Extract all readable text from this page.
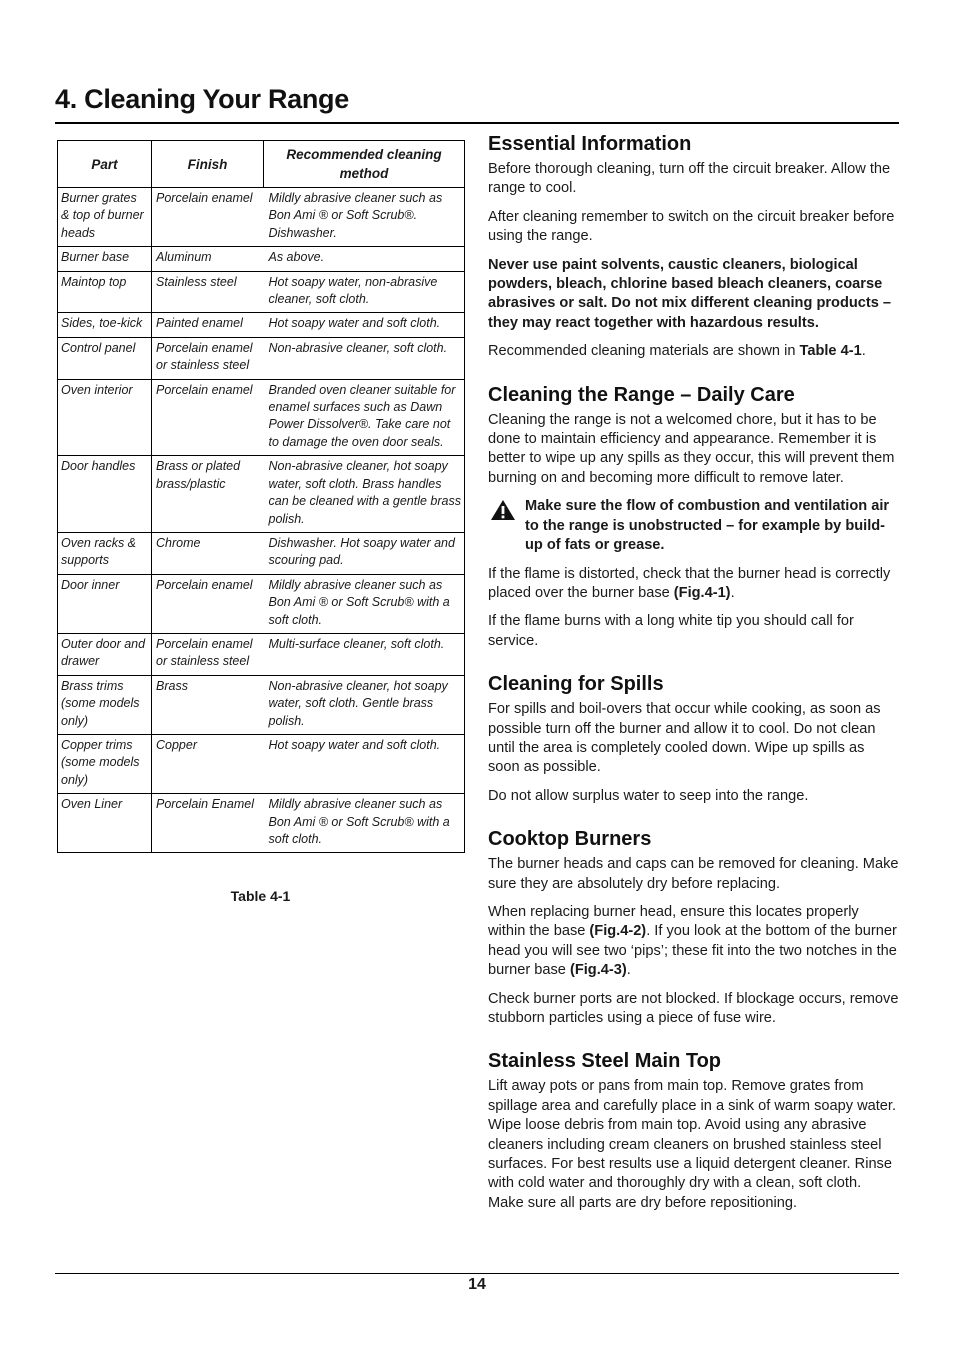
4. Cleaning Your Range
Part	Finish	Recommended cleaning method
Burner grates & top of burner heads	Porcelain enamel	Mildly abrasive cleaner such as Bon Ami ® or Soft Scrub®. Dishwasher.
Burner base	Aluminum	As above.
Maintop top	Stainless steel	Hot soapy water, non-abrasive cleaner, soft cloth.
Sides, toe-kick	Painted enamel	Hot soapy water and soft cloth.
Control panel	Porcelain enamel or stainless steel	Non-abrasive cleaner, soft cloth.
Oven interior	Porcelain enamel	Branded oven cleaner suitable for enamel surfaces such as Dawn Power Dissolver®. Take care not to damage the oven door seals.
Door handles	Brass or plated brass/plastic	Non-abrasive cleaner, hot soapy water, soft cloth. Brass handles can be cleaned with a gentle brass polish.
Oven racks & supports	Chrome	Dishwasher. Hot soapy water and scouring pad.
Door inner	Porcelain enamel	Mildly abrasive cleaner such as Bon Ami ® or Soft Scrub® with a soft cloth.
Outer door and drawer	Porcelain enamel or stainless steel	Multi-surface cleaner, soft cloth.
Brass trims (some models only)	Brass	Non-abrasive cleaner, hot soapy water, soft cloth. Gentle brass polish.
Copper trims (some models only)	Copper	Hot soapy water and soft cloth.
Oven Liner	Porcelain Enamel	Mildly abrasive cleaner such as Bon Ami ® or Soft Scrub® with a soft cloth.
Table 4-1
Essential Information

Before thorough cleaning, turn off the circuit breaker. Allow the range to cool.

After cleaning remember to switch on the circuit breaker before using the range.

Never use paint solvents, caustic cleaners, biological powders, bleach, chlorine based bleach cleaners, coarse abrasives or salt. Do not mix different cleaning products – they may react together with hazardous results.

Recommended cleaning materials are shown in Table 4-1.

Cleaning the Range – Daily Care

Cleaning the range is not a welcomed chore, but it has to be done to maintain efficiency and appearance. Remember it is better to wipe up any spills as they occur, this will prevent them burning on and becoming more difficult to remove later.

Make sure the flow of combustion and ventilation air to the range is unobstructed – for example by build-up of fats or grease.

If the flame is distorted, check that the burner head is correctly placed over the burner base (Fig.4-1).

If the flame burns with a long white tip you should call for service.

Cleaning for Spills

For spills and boil-overs that occur while cooking, as soon as possible turn off the burner and allow it to cool. Do not clean until the area is completely cooled down. Wipe up spills as soon as possible.

Do not allow surplus water to seep into the range.

Cooktop Burners

The burner heads and caps can be removed for cleaning. Make sure they are absolutely dry before replacing.

When replacing burner head, ensure this locates properly within the base (Fig.4-2). If you look at the bottom of the burner head you will see two ‘pips’; these fit into the two notches in the burner base (Fig.4-3).

Check burner ports are not blocked. If blockage occurs, remove stubborn particles using a piece of fuse wire.

Stainless Steel Main Top

Lift away pots or pans from main top. Remove grates from spillage area and carefully place in a sink of warm soapy water. Wipe loose debris from main top. Avoid using any abrasive cleaners including cream cleaners on brushed stainless steel surfaces. For best results use a liquid detergent cleaner. Rinse with cold water and thoroughly dry with a clean, soft cloth. Make sure all parts are dry before repositioning.

14
